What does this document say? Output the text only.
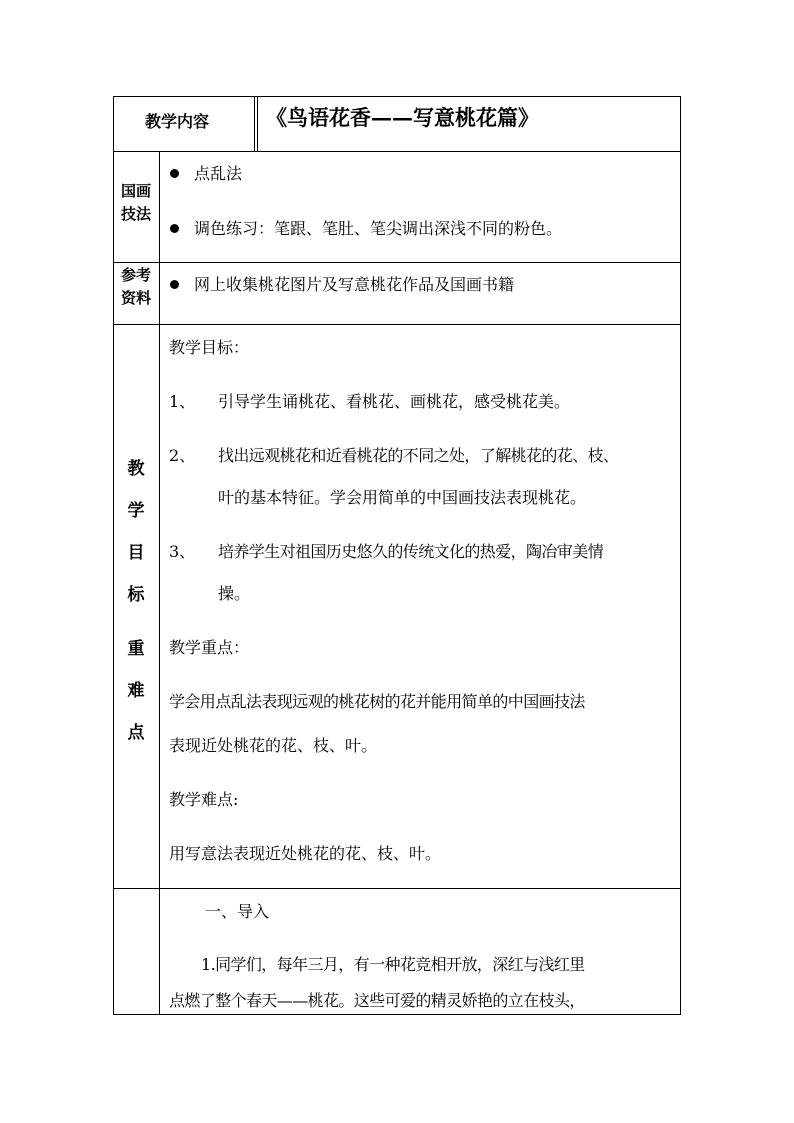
教学内容	《鸟语花香——写意桃花篇》
国画
技法
点乱法
调色练习：笔跟、笔肚、笔尖调出深浅不同的粉色。
参考
资料
网上收集桃花图片及写意桃花作品及国画书籍
教
学
目
标
重
难
点
教学目标：
1、 引导学生诵桃花、看桃花、画桃花，感受桃花美。
2、 找出远观桃花和近看桃花的不同之处，了解桃花的花、枝、
叶的基本特征。学会用简单的中国画技法表现桃花。
3、 培养学生对祖国历史悠久的传统文化的热爱，陶冶审美情
操。
教学重点：
学会用点乱法表现远观的桃花树的花并能用简单的中国画技法
表现近处桃花的花、枝、叶。
教学难点:
用写意法表现近处桃花的花、枝、叶。
一、导入
1.同学们，每年三月，有一种花竞相开放，深红与浅红里
点燃了整个春天——桃花。这些可爱的精灵娇艳的立在枝头，
